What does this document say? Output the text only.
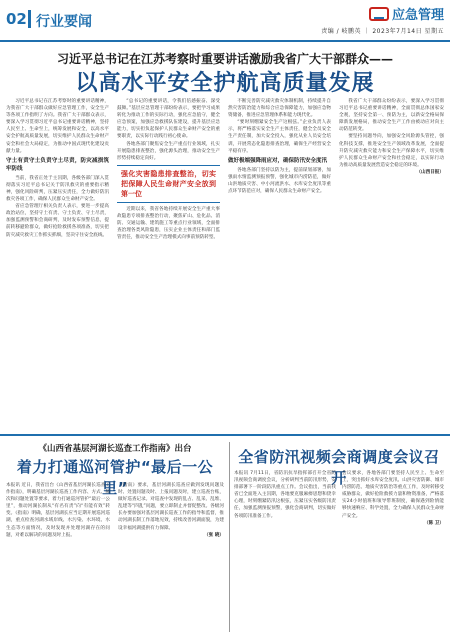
02 行业要闻	应急管理
责编 / 岐鹏英 ｜ 2023年7月14日 星期五
习近平总书记在江苏考察时重要讲话激励我省广大干部群众——
以高水平安全护航高质量发展

习近平总书记在江苏考察时的重要讲话精神，为我省广大干部群众做好应急管理工作，安全生产等各项工作指明了方向。我省广大干部群众表示，要深入学习贯彻习近平总书记重要讲话精神，坚持人民至上、生命至上，统筹发展和安全，以高水平安全护航高质量发展，切实维护人民群众生命财产安全和社会大局稳定，为推动中国式现代化建设贡献力量。

守土有责守土负责守土尽责，防灾减损筑牢防线

当前，我省正处于主汛期，各级各部门深入贯彻落实习近平总书记关于防汛救灾的重要指示精神，强化风险研判，压紧压实责任，全力做好防汛救灾各项工作，确保人民群众生命财产安全。

省应急管理厅相关负责人表示，要进一步提高政治站位，坚持守土有责、守土负责、守土尽责，加强监测预警和会商研判，及时发布预警信息，提前转移避险群众，做好抢险救援各项准备，切实把防灾减灾救灾工作抓实抓细，坚决守住安全底线。

“总书记的重要讲话，令我们倍感振奋、深受鼓舞。”基层应急管理干部纷纷表示，要把学习成果转化为推动工作的实际行动，强化应急值守，健全应急预案，加强应急救援队伍建设，提升基层应急能力，切实担负起保护人民群众生命财产安全的重要职责，以实际行动践行初心使命。

各地各部门聚焦安全生产重点行业领域，扎实开展隐患排查整治，强化源头治理，推动安全生产形势持续稳定向好。

强化灾害隐患排查整治，切实把保障人民生命财产安全放到第一位

近期以来，我省各地持续开展安全生产重大事故隐患专项排查整治行动，聚焦矿山、危化品、消防、交通运输、建筑施工等重点行业领域，全面排查治理各类风险隐患，压实企业主体责任和部门监管责任，推动安全生产治理模式向事前预防转型。

不断完善防灾减灾救灾体制机制，持续提升自然灾害防治能力和综合应急保障能力，加强应急物资储备，推进应急管理体系和能力现代化。

“要时刻绷紧安全生产这根弦。”企业负责人表示，将严格落实安全生产主体责任，健全全员安全生产责任制，加大安全投入，强化从业人员安全培训，开展常态化隐患排查治理，确保生产经营安全平稳有序。

做好极端强降雨应对，确保防汛安全度汛

各地各部门坚持以防为主，提前谋划部署，加强雨水情监测预报预警，强化城市内涝防范，做好山洪地质灾害、中小河流洪水、水库安全度汛等重点环节防范应对，确保人民群众生命财产安全。

我省广大干部群众纷纷表示，要深入学习贯彻习近平总书记重要讲话精神，全面贯彻总体国家安全观，坚持安全第一、预防为主，以新安全格局保障新发展格局，推动安全生产工作由被动应对向主动防范转变。

要坚持问题导向，加强安全风险源头管控，强化科技支撑，推进安全生产领域改革发展，全面提升防灾减灾救灾能力和安全生产保障水平，切实维护人民群众生命财产安全和社会稳定，以实际行动为推动高质量发展营造安全稳定的环境。

（山西日报）
《山西省基层河湖长巡查工作指南》出台
着力打通巡河管护“最后一公里”
本报讯 近日，我省出台《山西省基层河湖长巡查工作指南》，明确基层河湖长巡查工作内容、方式、频次和问题处置等要求，着力打通巡河管护“最后一公里”，推动河湖长制从“有名有责”向“有能有效”转变。《指南》明确，基层河湖长应当定期开展巡河巡湖，重点检查河湖水域岸线、水污染、水环境、水生态等方面情况，及时发现并处理河湖存在的问题，对难以解决的问题及时上报。
《指南》要求，基层河湖长巡查应做到发现问题及时、处置问题及时、上报问题及时，建立巡查台账，做好巡查记录。对巡查中发现的乱占、乱采、乱堆、乱建等“四乱”问题，要立即制止并督促整改。各级河长办要加强对基层河湖长巡查工作的指导和监督，推动河湖长制工作落地见效，持续改善河湖面貌，为建设幸福河湖提供有力保障。
（张 晓）
全省防汛视频会商调度会议召开
本报讯 7月11日，省防汛抗旱指挥部召开全省防汛视频会商调度会议，分析研判当前防汛形势，安排部署下一阶段防汛重点工作。会议指出，当前我省已全面进入主汛期，各地要克服麻痹思想和侥幸心理，时刻绷紧防汛这根弦，压紧压实各级防汛责任，加强监测预报预警，强化会商研判，切实做好各项防汛准备工作。
会议要求，各地各部门要坚持人民至上、生命至上，突出抓好水库安全度汛、山洪灾害防御、城市内涝防范、地质灾害防治等重点工作，及时转移受威胁群众，做好抢险救援力量和物资准备，严格落实24小时值班和领导带班制度，确保遇到险情能够快速响应、科学处置，全力确保人民群众生命财产安全。
（陈 卫）
